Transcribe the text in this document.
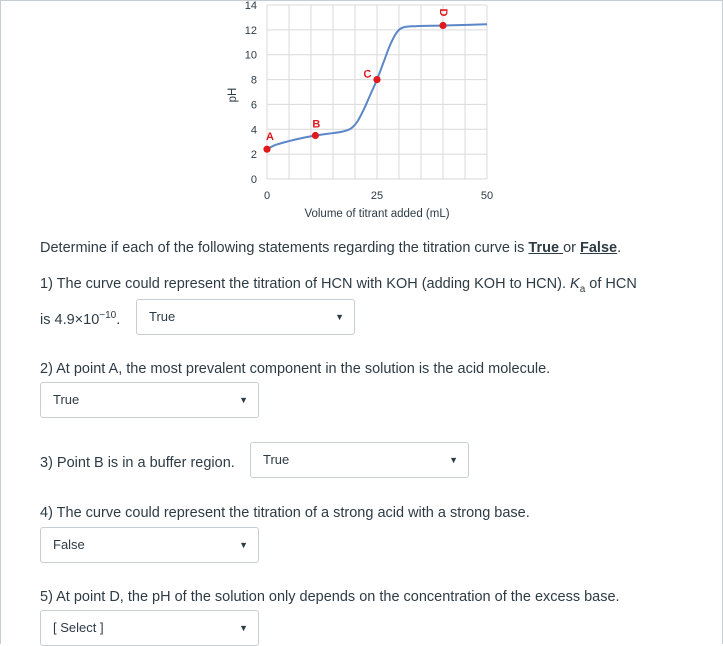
0
2
4
6
8
10
12
14
0	25	50
A
B
C
D
Volume of titrant added (mL)
pH
Determine if each of the following statements regarding the titration curve is True or False.
1) The curve could represent the titration of HCN with KOH (adding KOH to HCN). $K_a$ of HCN
is $4.9\times 10^{-10}$.	True	▼
2) At point A, the most prevalent component in the solution is the acid molecule.
True	▼
3) Point B is in a buffer region.	True	▼
4) The curve could represent the titration of a strong acid with a strong base.
False	▼
5) At point D, the pH of the solution only depends on the concentration of the excess base.
[ Select ]	▼
